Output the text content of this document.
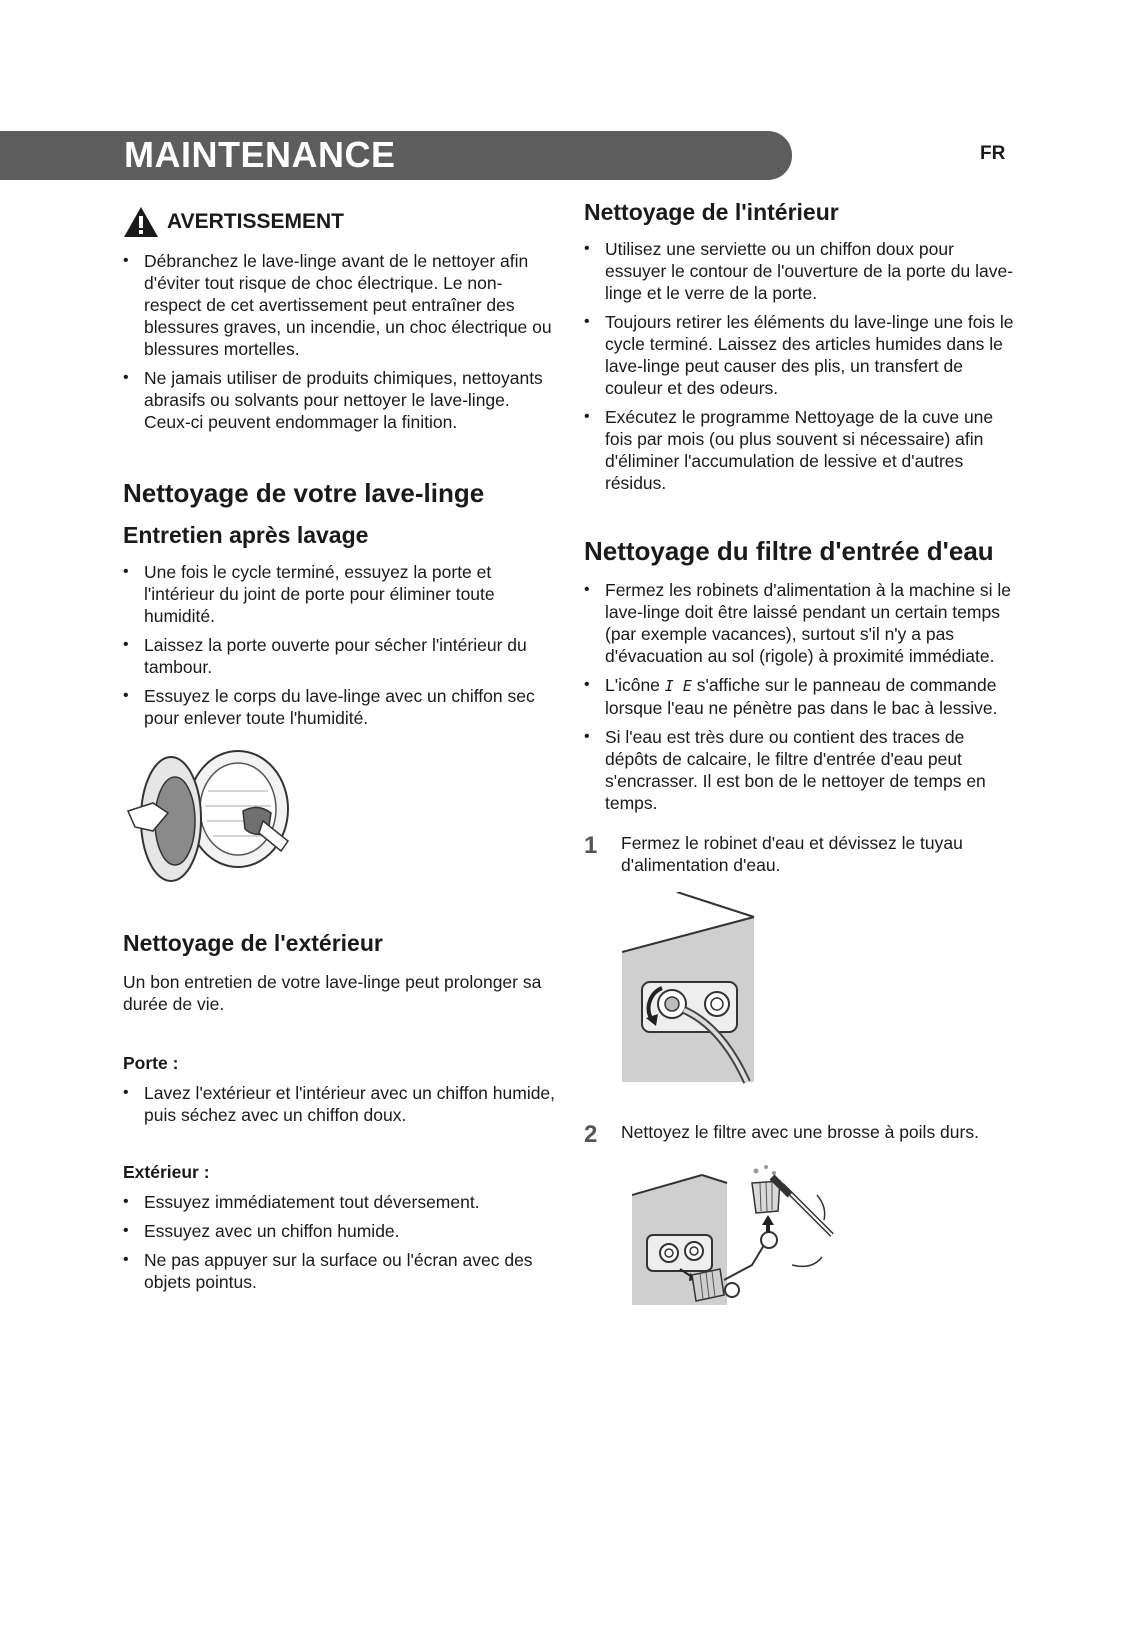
MAINTENANCE	FR
AVERTISSEMENT
• Débranchez le lave-linge avant de le nettoyer afin d'éviter tout risque de choc électrique. Le non-respect de cet avertissement peut entraîner des blessures graves, un incendie, un choc électrique ou blessures mortelles.
• Ne jamais utiliser de produits chimiques, nettoyants abrasifs ou solvants pour nettoyer le lave-linge. Ceux-ci peuvent endommager la finition.
Nettoyage de votre lave-linge
Entretien après lavage
• Une fois le cycle terminé, essuyez la porte et l'intérieur du joint de porte pour éliminer toute humidité.
• Laissez la porte ouverte pour sécher l'intérieur du tambour.
• Essuyez le corps du lave-linge avec un chiffon sec pour enlever toute l'humidité.
Nettoyage de l'extérieur

Un bon entretien de votre lave-linge peut prolonger sa durée de vie.

Porte :

• Lavez l'extérieur et l'intérieur avec un chiffon humide, puis séchez avec un chiffon doux.

Extérieur :

• Essuyez immédiatement tout déversement.
• Essuyez avec un chiffon humide.
• Ne pas appuyer sur la surface ou l'écran avec des objets pointus.
Nettoyage de l'intérieur
• Utilisez une serviette ou un chiffon doux pour essuyer le contour de l'ouverture de la porte du lave-linge et le verre de la porte.
• Toujours retirer les éléments du lave-linge une fois le cycle terminé. Laissez des articles humides dans le lave-linge peut causer des plis, un transfert de couleur et des odeurs.
• Exécutez le programme Nettoyage de la cuve une fois par mois (ou plus souvent si nécessaire) afin d'éliminer l'accumulation de lessive et d'autres résidus.
Nettoyage du filtre d'entrée d'eau
• Fermez les robinets d'alimentation à la machine si le lave-linge doit être laissé pendant un certain temps (par exemple vacances), surtout s'il n'y a pas d'évacuation au sol (rigole) à proximité immédiate.
• L'icône I E s'affiche sur le panneau de commande lorsque l'eau ne pénètre pas dans le bac à lessive.
• Si l'eau est très dure ou contient des traces de dépôts de calcaire, le filtre d'entrée d'eau peut s'encrasser. Il est bon de le nettoyer de temps en temps.
1	Fermez le robinet d'eau et dévissez le tuyau d'alimentation d'eau.
2	Nettoyez le filtre avec une brosse à poils durs.
